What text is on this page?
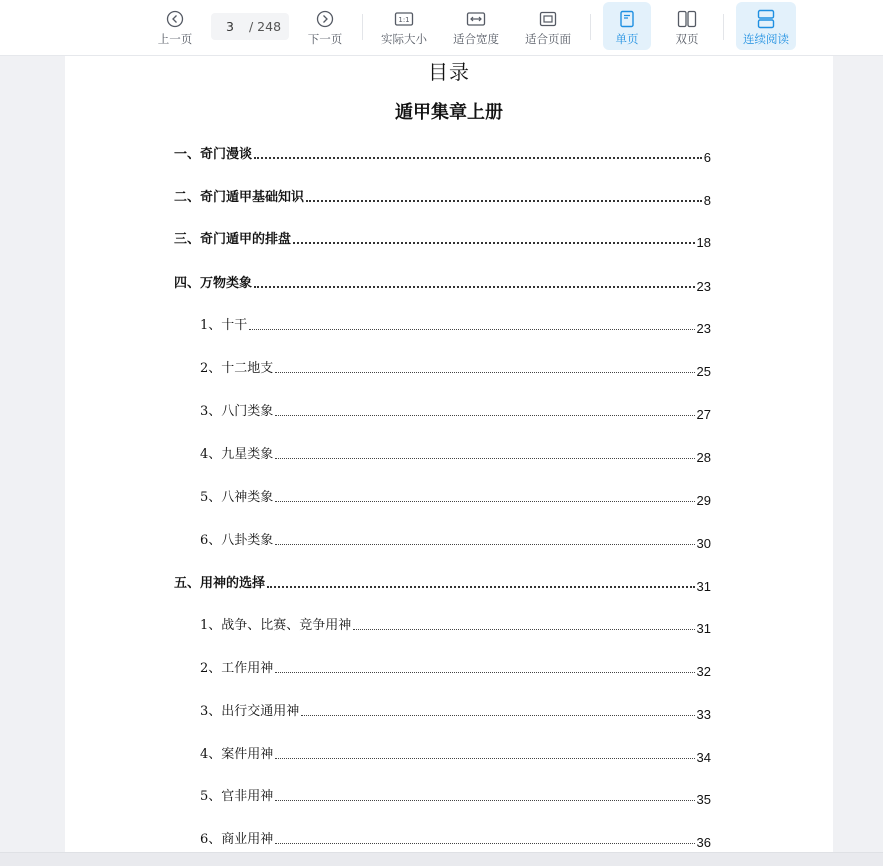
上一页
3
/ 248
下一页
1:1
实际大小 适合宽度 适合页面	单页	双页	连续阅读
目录
遁甲集章上册
一、奇门漫谈	6
二、奇门遁甲基础知识	8
三、奇门遁甲的排盘	18
四、万物类象	23
1、十干	23
2、十二地支	25
3、八门类象	27
4、九星类象	28
5、八神类象	29
6、八卦类象	30
五、用神的选择	31
1、战争、比赛、竞争用神	31
2、工作用神	32
3、出行交通用神	33
4、案件用神	34
5、官非用神	35
6、商业用神	36
